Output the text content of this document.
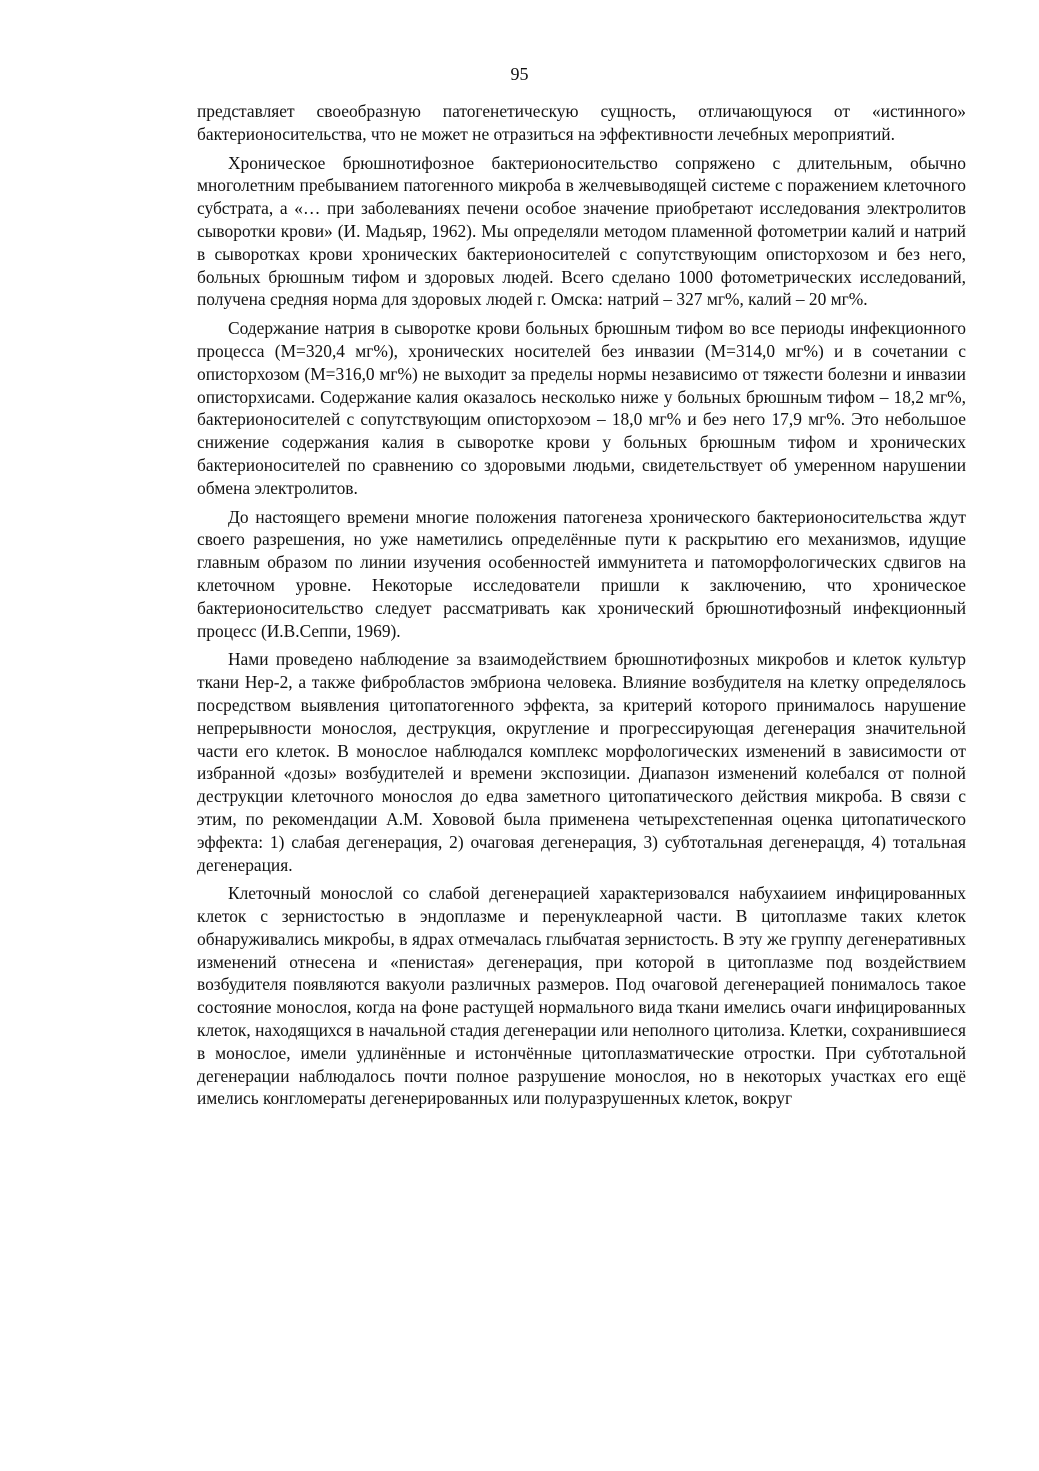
95

представляет своеобразную патогенетическую сущность, отличающуюся от «истинного» бактерионосительства, что не может не отразиться на эффективности лечебных мероприятий.

Хроническое брюшнотифозное бактерионосительство сопряжено с длительным, обычно многолетним пребыванием патогенного микроба в желчевыводящей системе с поражением клеточного субстрата, а «… при заболеваниях печени особое значение приобретают исследования электролитов сыворотки крови» (И. Мадьяр, 1962). Мы определяли методом пламенной фотометрии калий и натрий в сыворотках крови хронических бактерионосителей с сопутствующим описторхозом и без него, больных брюшным тифом и здоровых людей. Всего сделано 1000 фотометрических исследований, получена средняя норма для здоровых людей г. Омска: натрий – 327 мг%, калий – 20 мг%.

Содержание натрия в сыворотке крови больных брюшным тифом во все периоды инфекционного процесса (М=320,4 мг%), хронических носителей без инвазии (М=314,0 мг%) и в сочетании с описторхозом (М=316,0 мг%) не выходит за пределы нормы независимо от тяжести болезни и инвазии описторхисами. Содержание калия оказалось несколько ниже у больных брюшным тифом – 18,2 мг%, бактерионосителей с сопутствующим описторхоэом – 18,0 мг% и беэ него 17,9 мг%. Это небольшое снижение содержания калия в сыворотке крови у больных брюшным тифом и хронических бактерионосителей по сравнению со здоровыми людьми, свидетельствует об умеренном нарушении обмена электролитов.

До настоящего времени многие положения патогенеза хронического бактерионосительства ждут своего разрешения, но уже наметились определённые пути к раскрытию его механизмов, идущие главным образом по линии изучения особенностей иммунитета и патоморфологических сдвигов на клеточном уровне. Некоторые исследователи пришли к заключению, что хроническое бактерионосительство следует рассматривать как хронический брюшнотифозный инфекционный процесс (И.В.Сеппи, 1969).

Нами проведено наблюдение за взаимодействием брюшнотифозных микробов и клеток культур ткани Нер-2, а также фибробластов эмбриона человека. Влияние возбудителя на клетку определялось посредством выявления цитопатогенного эффекта, за критерий которого принималось нарушение непрерывности монослоя, деструкция, округление и прогрессирующая дегенерация значительной части его клеток. В монослое наблюдался комплекс морфологических изменений в зависимости от избранной «дозы» возбудителей и времени экспозиции. Диапазон изменений колебался от полной деструкции клеточного монослоя до едва заметного цитопатического действия микроба. В связи с этим, по рекомендации А.М. Хововой была применена четырехстепенная оценка цитопатического эффекта: 1) слабая дегенерация, 2) очаговая дегенерация, 3) субтотальная дегенерацдя, 4) тотальная дегенерация.

Клеточный монослой со слабой дегенерацией характеризовался набухаиием инфицированных клеток с зернистостью в эндоплазме и перенуклеарной части. В цитоплазме таких клеток обнаруживались микробы, в ядрах отмечалась глыбчатая зернистость. В эту же группу дегенеративных изменений отнесена и «пенистая» дегенерация, при которой в цитоплазме под воздействием возбудителя появляются вакуоли различных размеров. Под очаговой дегенерацией понималось такое состояние монослоя, когда на фоне растущей нормального вида ткани имелись очаги инфицированных клеток, находящихся в начальной стадия дегенерации или неполного цитолиза. Клетки, сохранившиеся в монослое, имели удлинённые и истончённые цитоплазматические отростки. При субтотальной дегенерации наблюдалось почти полное разрушение монослоя, но в некоторых участках его ещё имелись конгломераты дегенерированных или полуразрушенных клеток, вокруг
